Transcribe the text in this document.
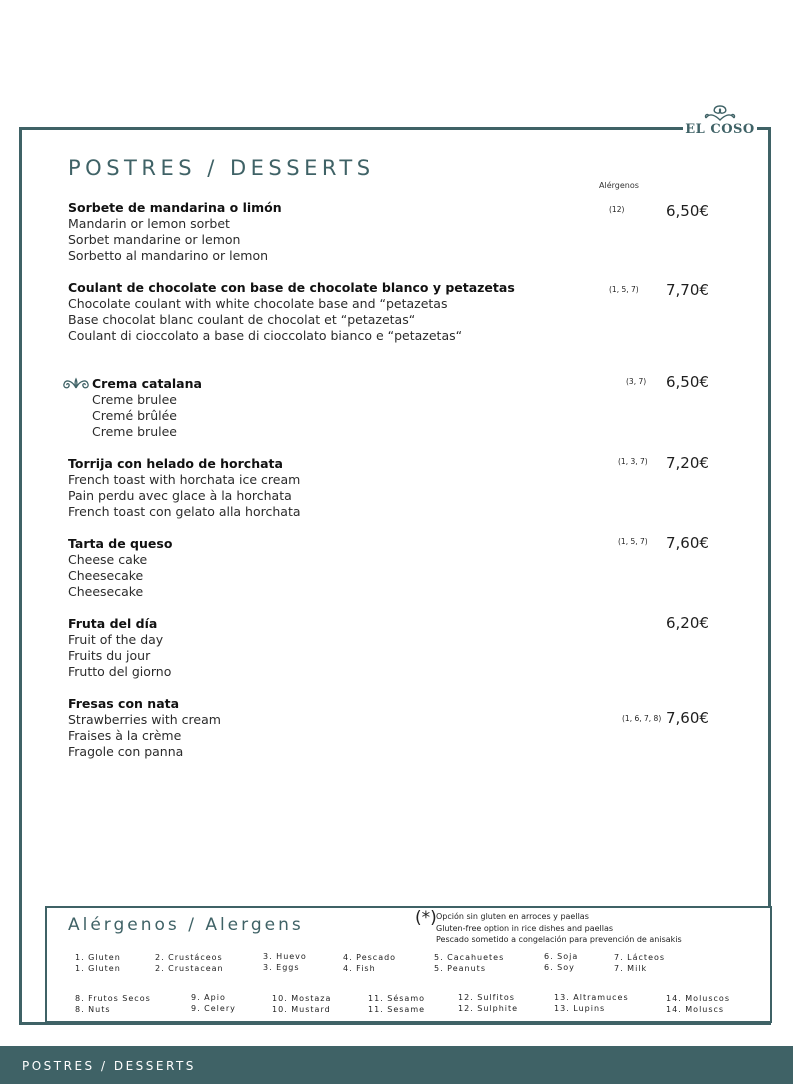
EL COSO
POSTRES / DESSERTS
Alérgenos
Sorbete de mandarina o limón
Mandarin or lemon sorbet
Sorbet mandarine or lemon
Sorbetto al mandarino or lemon
(12)	6,50€
Coulant de chocolate con base de chocolate blanco y petazetas
Chocolate coulant with white chocolate base and “petazetas
Base chocolat blanc coulant de chocolat et “petazetas“
Coulant di cioccolato a base di cioccolato bianco e “petazetas“
(1, 5, 7) 7,70€
Crema catalana
Creme brulee
Cremé brûlée
Creme brulee
(3, 7) 6,50€
Torrija con helado de horchata
French toast with horchata ice cream
Pain perdu avec glace à la horchata
French toast con gelato alla horchata
(1, 3, 7) 7,20€
Tarta de queso
Cheese cake
Cheesecake
Cheesecake
(1, 5, 7) 7,60€
Fruta del día
Fruit of the day
Fruits du jour
Frutto del giorno
6,20€
Fresas con nata
Strawberries with cream
Fraises à la crème
Fragole con panna
(1, 6, 7, 8) 7,60€
Alérgenos / Alergens	(*) Opción sin gluten en arroces y paellas
Gluten-free option in rice dishes and paellas
Pescado sometido a congelación para prevención de anisakis
1. Gluten
1. Gluten
2. Crustáceos
2. Crustacean
3. Huevo
3. Eggs
4. Pescado
4. Fish
5. Cacahuetes
5. Peanuts
6. Soja
6. Soy
7. Lácteos
7. Milk
8. Frutos Secos
8. Nuts
9. Apio
9. Celery
10. Mostaza
10. Mustard
11. Sésamo
11. Sesame
12. Sulfitos
12. Sulphite
13. Altramuces
13. Lupins
14. Moluscos
14. Moluscs
POSTRES / DESSERTS
